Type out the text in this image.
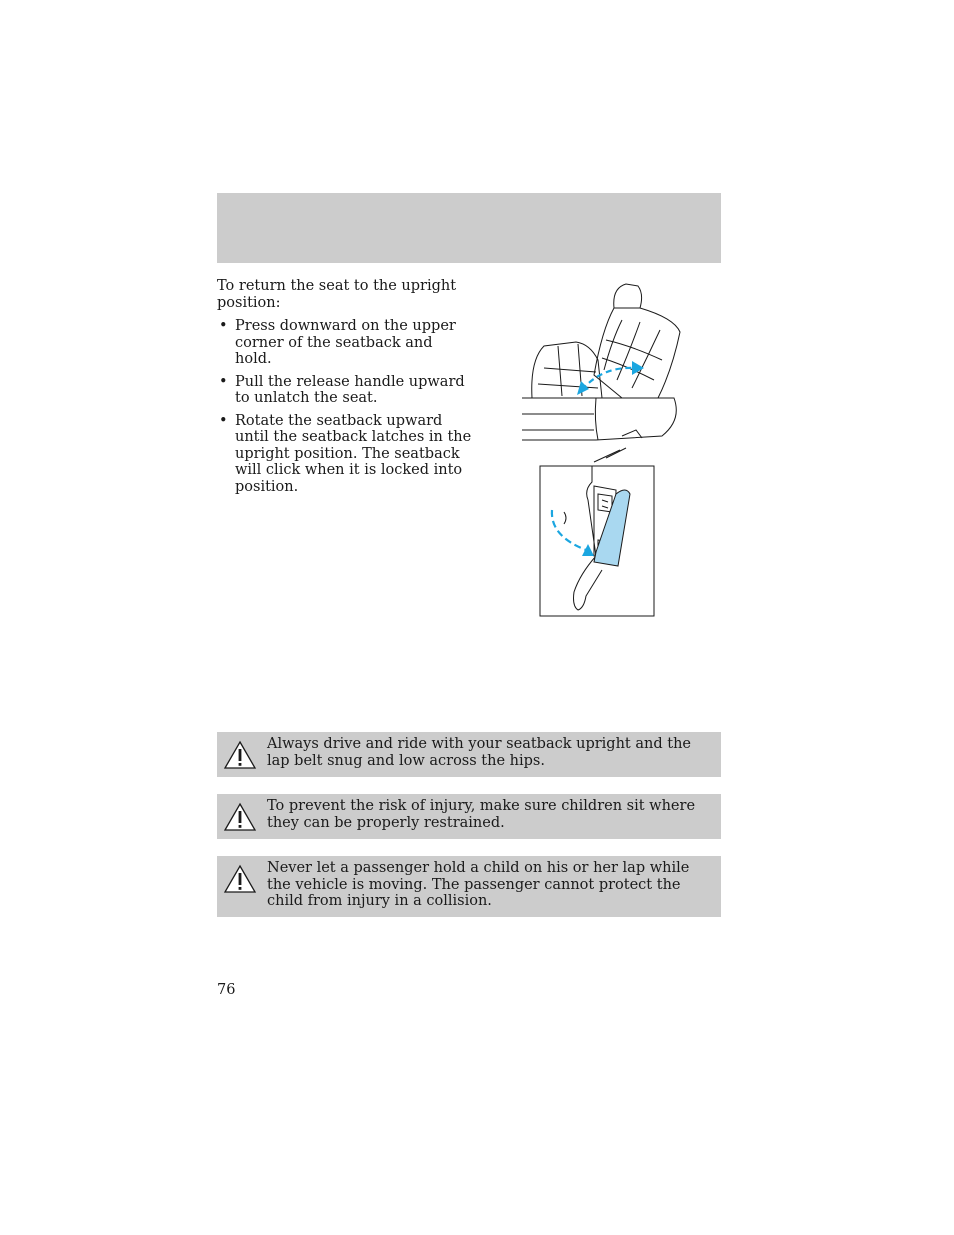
To return the seat to the upright position:

• Press downward on the upper corner of the seatback and hold.
• Pull the release handle upward to unlatch the seat.
• Rotate the seatback upward until the seatback latches in the upright position. The seatback will click when it is locked into position.
Always drive and ride with your seatback upright and the lap belt snug and low across the hips.
To prevent the risk of injury, make sure children sit where they can be properly restrained.
Never let a passenger hold a child on his or her lap while the vehicle is moving. The passenger cannot protect the child from injury in a collision.
76
